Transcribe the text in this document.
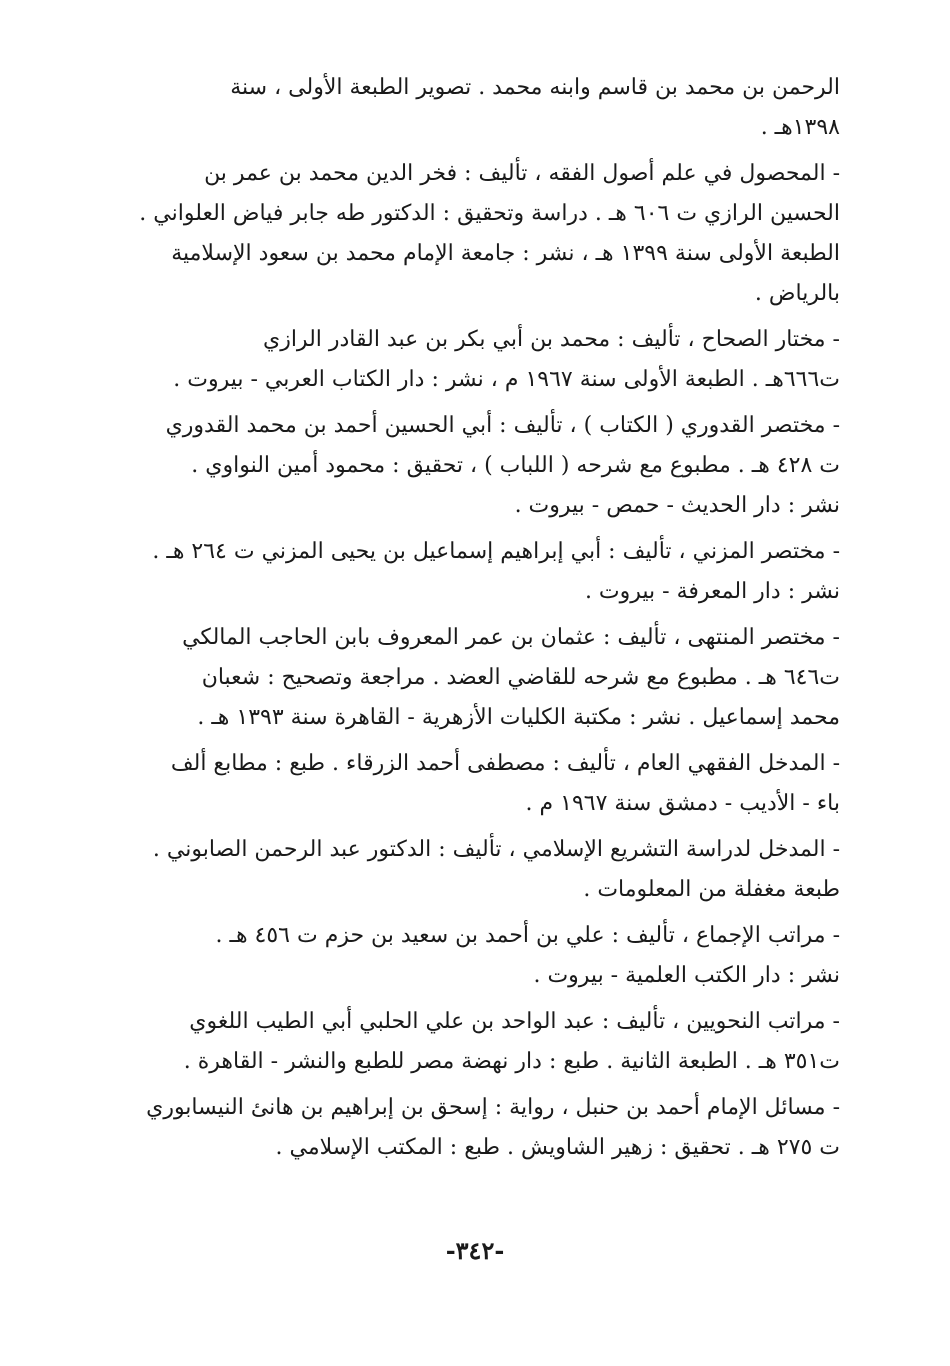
الرحمن بن محمد بن قاسم وابنه محمد . تصوير الطبعة الأولى ، سنة
١٣٩٨هـ .
- المحصول في علم أصول الفقه ، تأليف : فخر الدين محمد بن عمر بن
الحسين الرازي ت ٦٠٦ هـ . دراسة وتحقيق : الدكتور طه جابر فياض العلواني .
الطبعة الأولى سنة ١٣٩٩ هـ ، نشر : جامعة الإمام محمد بن سعود الإسلامية
بالرياض .
- مختار الصحاح ، تأليف : محمد بن أبي بكر بن عبد القادر الرازي
ت٦٦٦هـ . الطبعة الأولى سنة ١٩٦٧ م ، نشر : دار الكتاب العربي - بيروت .
- مختصر القدوري ( الكتاب ) ، تأليف : أبي الحسين أحمد بن محمد القدوري
ت ٤٢٨ هـ . مطبوع مع شرحه ( اللباب ) ، تحقيق : محمود أمين النواوي .
نشر : دار الحديث - حمص - بيروت .
- مختصر المزني ، تأليف : أبي إبراهيم إسماعيل بن يحيى المزني ت ٢٦٤ هـ .
نشر : دار المعرفة - بيروت .
- مختصر المنتهى ، تأليف : عثمان بن عمر المعروف بابن الحاجب المالكي
ت٦٤٦ هـ . مطبوع مع شرحه للقاضي العضد . مراجعة وتصحيح : شعبان
محمد إسماعيل . نشر : مكتبة الكليات الأزهرية - القاهرة سنة ١٣٩٣ هـ .
- المدخل الفقهي العام ، تأليف : مصطفى أحمد الزرقاء . طبع : مطابع ألف
باء - الأديب - دمشق سنة ١٩٦٧ م .
- المدخل لدراسة التشريع الإسلامي ، تأليف : الدكتور عبد الرحمن الصابوني .
طبعة مغفلة من المعلومات .
- مراتب الإجماع ، تأليف : علي بن أحمد بن سعيد بن حزم ت ٤٥٦ هـ .
نشر : دار الكتب العلمية - بيروت .
- مراتب النحويين ، تأليف : عبد الواحد بن علي الحلبي أبي الطيب اللغوي
ت٣٥١ هـ . الطبعة الثانية . طبع : دار نهضة مصر للطبع والنشر - القاهرة .
- مسائل الإمام أحمد بن حنبل ، رواية : إسحق بن إبراهيم بن هانئ النيسابوري
ت ٢٧٥ هـ . تحقيق : زهير الشاويش . طبع : المكتب الإسلامي .
-٣٤٢-
